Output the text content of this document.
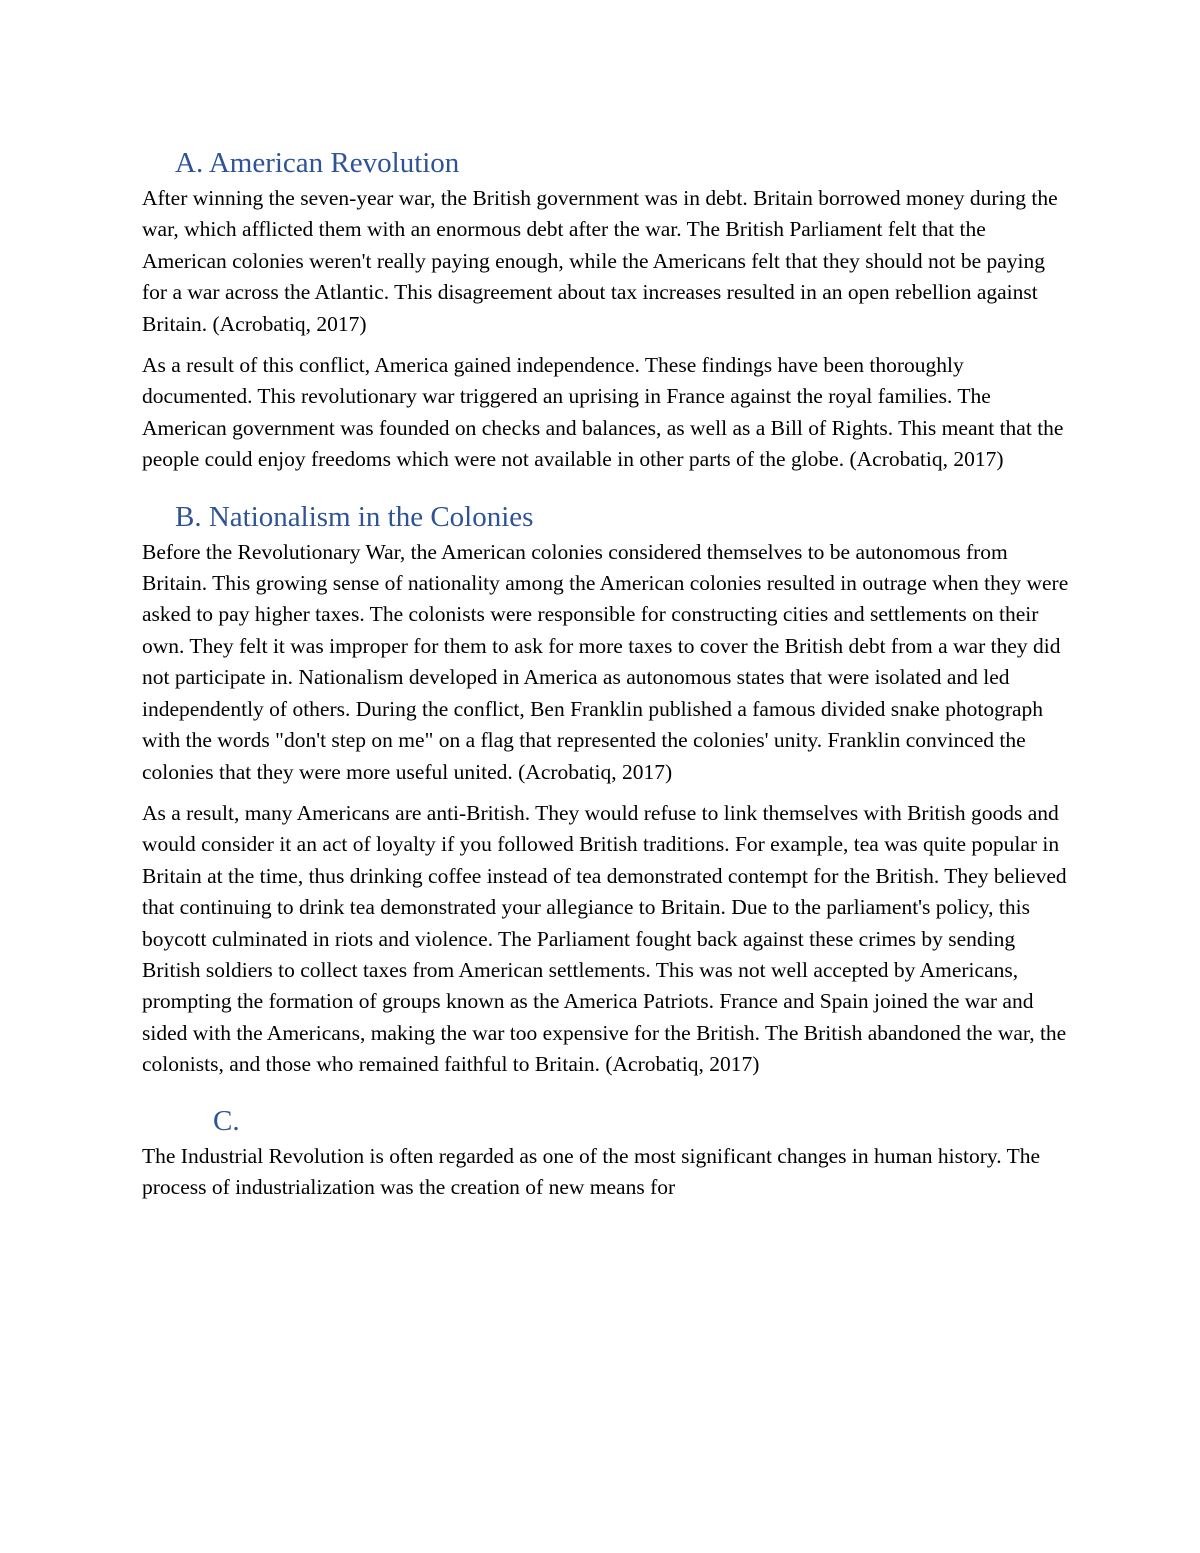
A. American Revolution

After winning the seven-year war, the British government was in debt. Britain borrowed money during the war, which afflicted them with an enormous debt after the war. The British Parliament felt that the American colonies weren't really paying enough, while the Americans felt that they should not be paying for a war across the Atlantic. This disagreement about tax increases resulted in an open rebellion against Britain. (Acrobatiq, 2017)

As a result of this conflict, America gained independence. These findings have been thoroughly documented. This revolutionary war triggered an uprising in France against the royal families. The American government was founded on checks and balances, as well as a Bill of Rights. This meant that the people could enjoy freedoms which were not available in other parts of the globe. (Acrobatiq, 2017)

B. Nationalism in the Colonies

Before the Revolutionary War, the American colonies considered themselves to be autonomous from Britain. This growing sense of nationality among the American colonies resulted in outrage when they were asked to pay higher taxes. The colonists were responsible for constructing cities and settlements on their own. They felt it was improper for them to ask for more taxes to cover the British debt from a war they did not participate in. Nationalism developed in America as autonomous states that were isolated and led independently of others. During the conflict, Ben Franklin published a famous divided snake photograph with the words "don't step on me" on a flag that represented the colonies' unity. Franklin convinced the colonies that they were more useful united. (Acrobatiq, 2017)

As a result, many Americans are anti-British. They would refuse to link themselves with British goods and would consider it an act of loyalty if you followed British traditions. For example, tea was quite popular in Britain at the time, thus drinking coffee instead of tea demonstrated contempt for the British. They believed that continuing to drink tea demonstrated your allegiance to Britain. Due to the parliament's policy, this boycott culminated in riots and violence. The Parliament fought back against these crimes by sending British soldiers to collect taxes from American settlements. This was not well accepted by Americans, prompting the formation of groups known as the America Patriots. France and Spain joined the war and sided with the Americans, making the war too expensive for the British. The British abandoned the war, the colonists, and those who remained faithful to Britain. (Acrobatiq, 2017)

C.

The Industrial Revolution is often regarded as one of the most significant changes in human history. The process of industrialization was the creation of new means for
